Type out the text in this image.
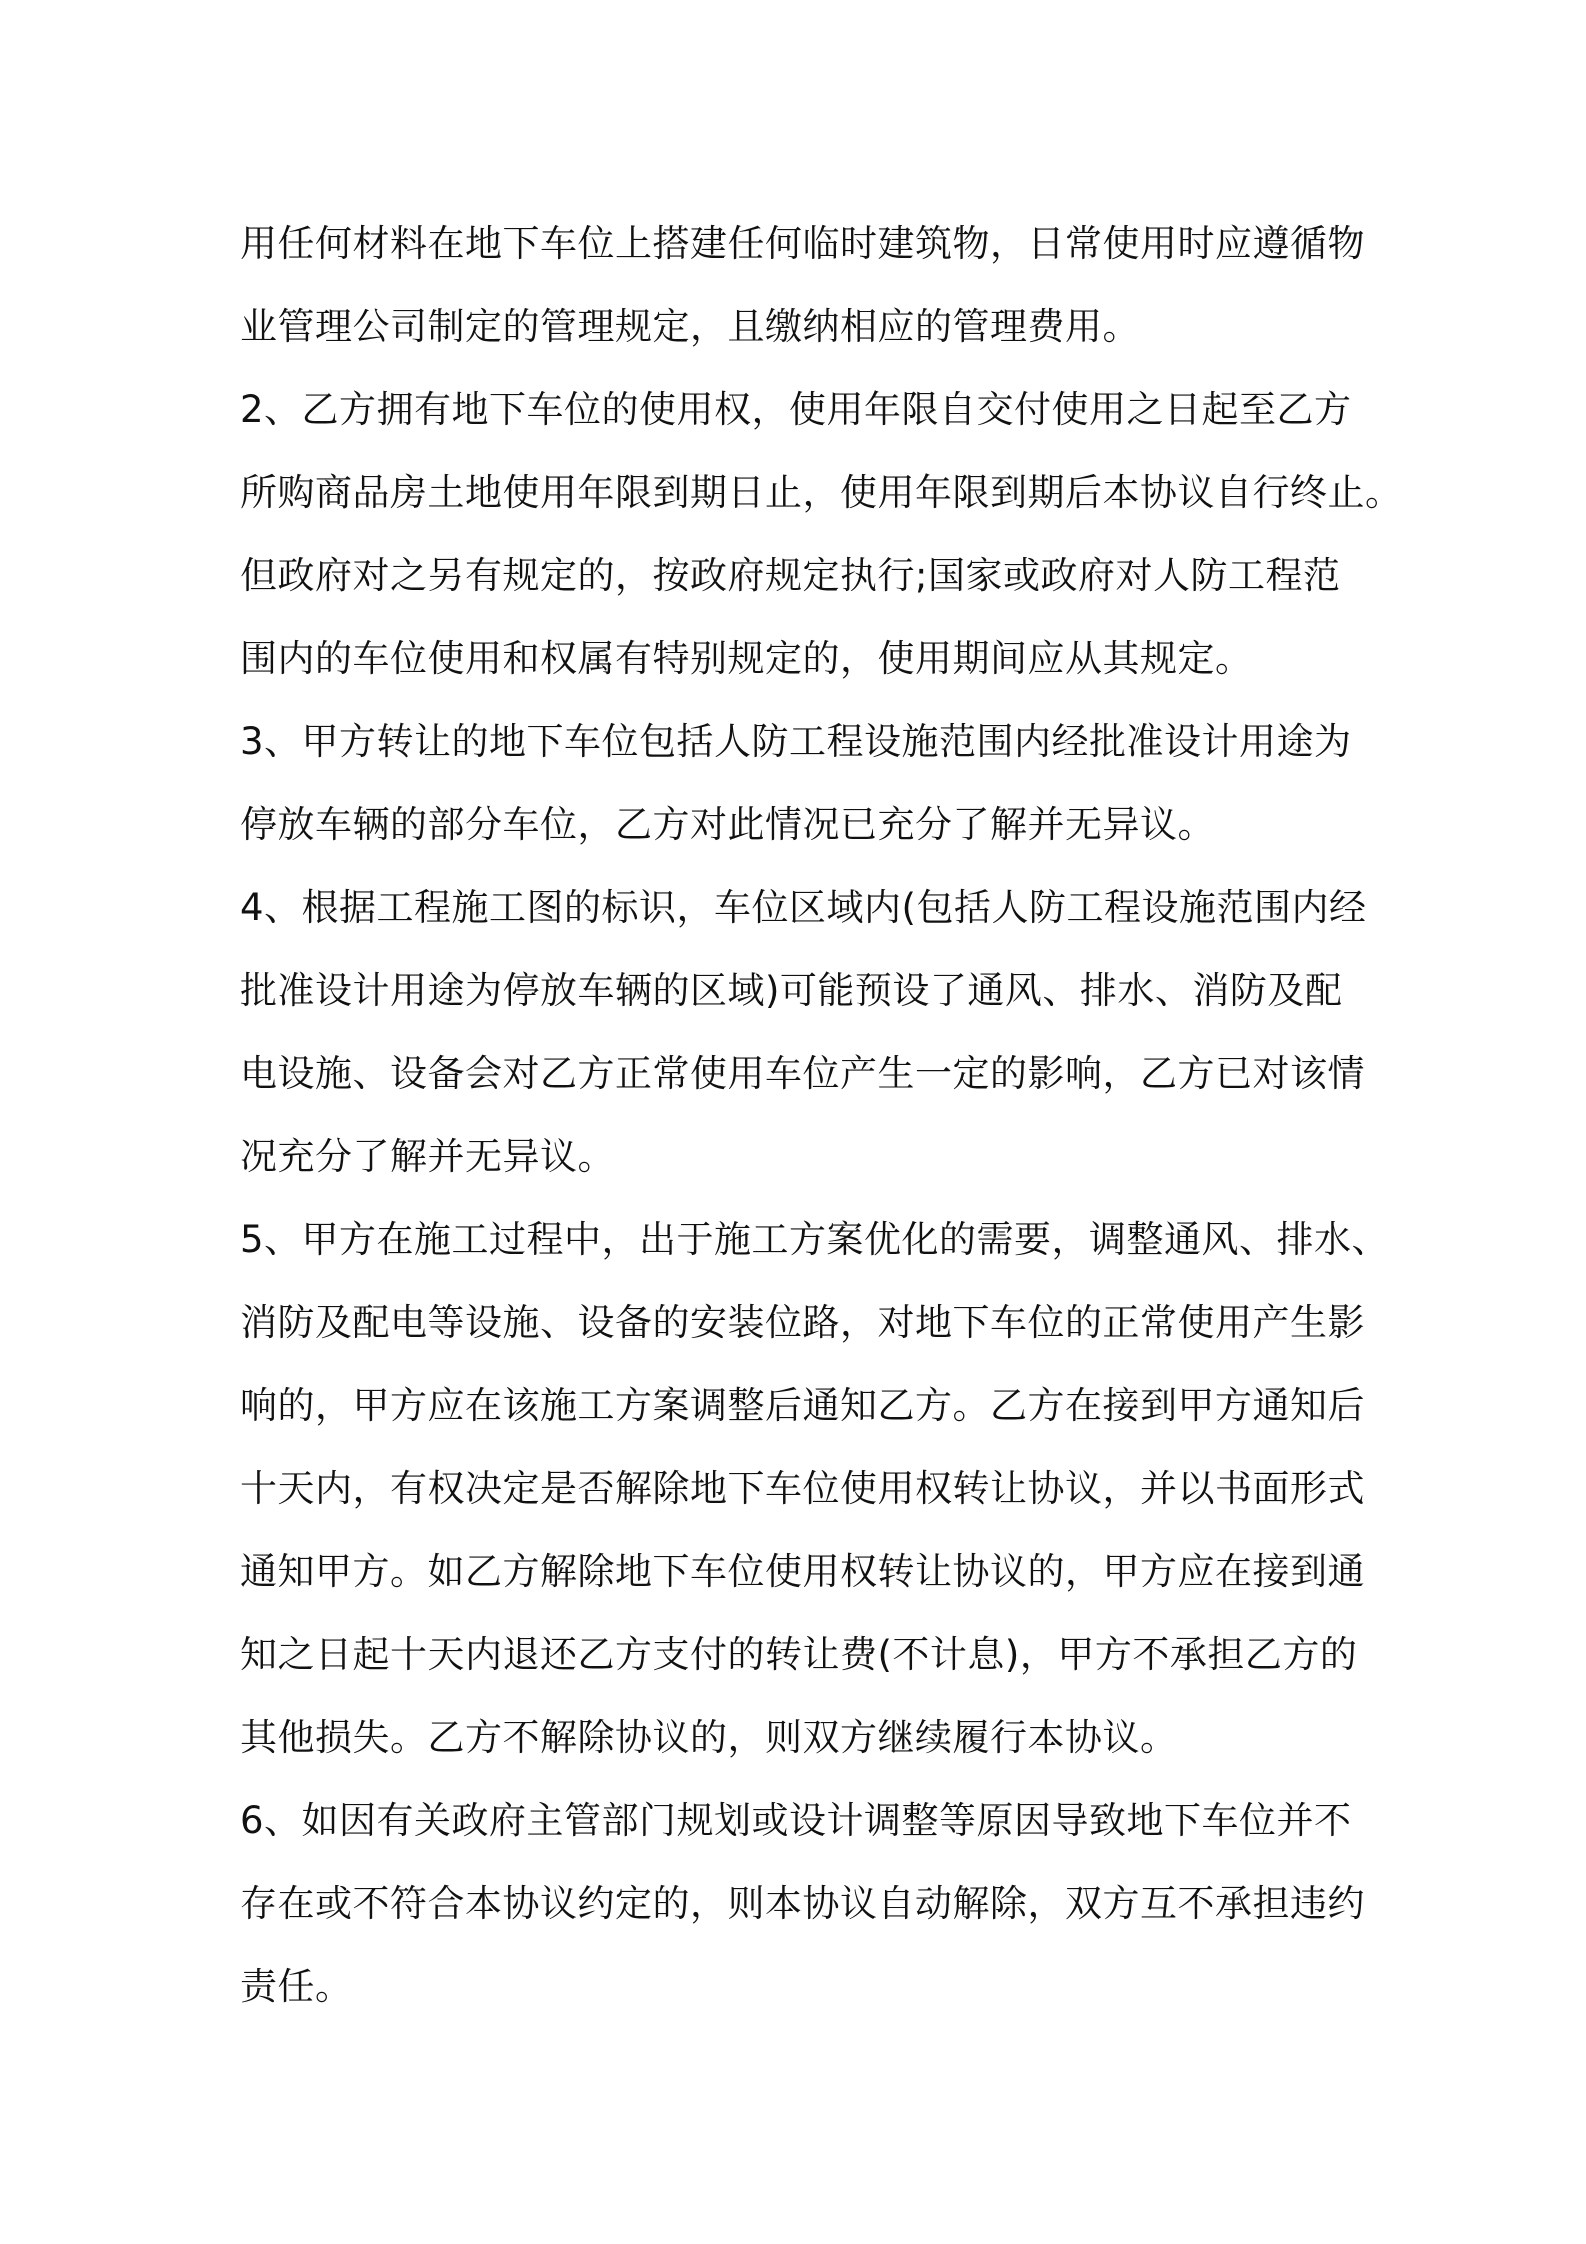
用任何材料在地下车位上搭建任何临时建筑物，日常使用时应遵循物
业管理公司制定的管理规定，且缴纳相应的管理费用。
2、乙方拥有地下车位的使用权，使用年限自交付使用之日起至乙方
所购商品房土地使用年限到期日止，使用年限到期后本协议自行终止。
但政府对之另有规定的，按政府规定执行;国家或政府对人防工程范
围内的车位使用和权属有特别规定的，使用期间应从其规定。
3、甲方转让的地下车位包括人防工程设施范围内经批准设计用途为
停放车辆的部分车位，乙方对此情况已充分了解并无异议。
4、根据工程施工图的标识，车位区域内(包括人防工程设施范围内经
批准设计用途为停放车辆的区域)可能预设了通风、排水、消防及配
电设施、设备会对乙方正常使用车位产生一定的影响，乙方已对该情
况充分了解并无异议。
5、甲方在施工过程中，出于施工方案优化的需要，调整通风、排水、
消防及配电等设施、设备的安装位路，对地下车位的正常使用产生影
响的，甲方应在该施工方案调整后通知乙方。乙方在接到甲方通知后
十天内，有权决定是否解除地下车位使用权转让协议，并以书面形式
通知甲方。如乙方解除地下车位使用权转让协议的，甲方应在接到通
知之日起十天内退还乙方支付的转让费(不计息)，甲方不承担乙方的
其他损失。乙方不解除协议的，则双方继续履行本协议。
6、如因有关政府主管部门规划或设计调整等原因导致地下车位并不
存在或不符合本协议约定的，则本协议自动解除，双方互不承担违约
责任。
